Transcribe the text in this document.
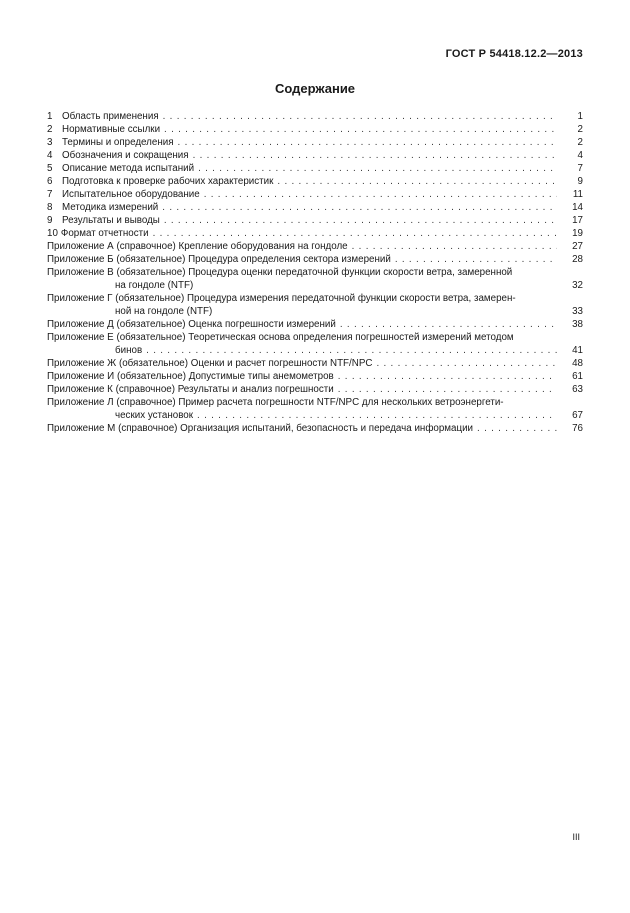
ГОСТ Р 54418.12.2—2013
Содержание
1 Область применения . . .	1
2 Нормативные ссылки . . .	2
3 Термины и определения . . .	2
4 Обозначения и сокращения . . .	4
5 Описание метода испытаний . . .	7
6 Подготовка к проверке рабочих характеристик . . .	9
7 Испытательное оборудование . . .	11
8 Методика измерений . . .	14
9 Результаты и выводы . . .	17
10 Формат отчетности . . .	19
Приложение А (справочное) Крепление оборудования на гондоле . . .	27
Приложение Б (обязательное) Процедура определения сектора измерений . . .	28
Приложение В (обязательное) Процедура оценки передаточной функции скорости ветра, замеренной
на гондоле (NTF)	32
Приложение Г (обязательное) Процедура измерения передаточной функции скорости ветра, замерен-
ной на гондоле (NTF)	33
Приложение Д (обязательное) Оценка погрешности измерений . . .	38
Приложение Е (обязательное) Теоретическая основа определения погрешностей измерений методом
бинов . . .	41
Приложение Ж (обязательное) Оценки и расчет погрешности NTF/NPC . . .	48
Приложение И (обязательное) Допустимые типы анемометров . . .	61
Приложение К (справочное) Результаты и анализ погрешности . . .	63
Приложение Л (справочное) Пример расчета погрешности NTF/NPC для нескольких ветроэнергети-
ческих установок . . .	67
Приложение М (справочное) Организация испытаний, безопасность и передача информации . . .	76
III
